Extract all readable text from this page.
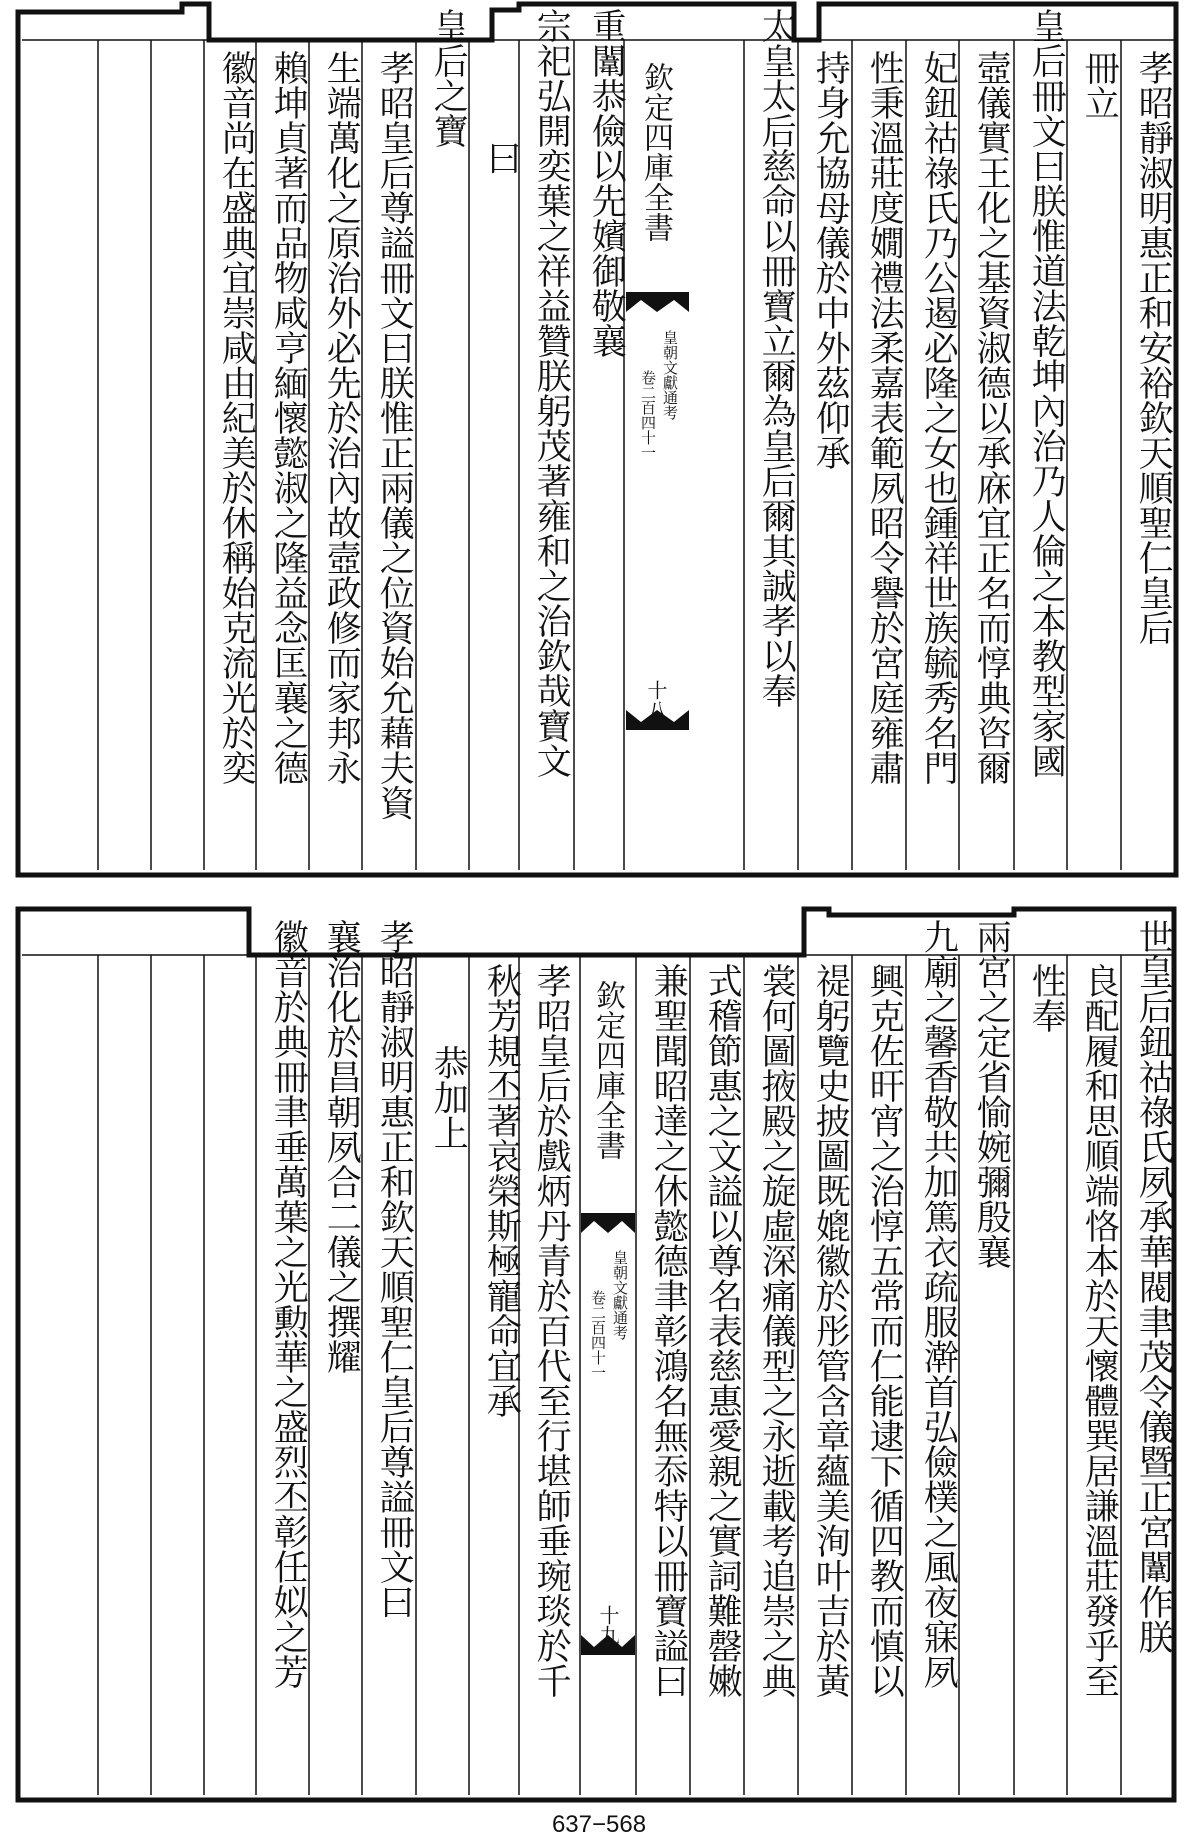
欽定四庫全書
皇朝文獻通考
卷二百四十一
十八
孝昭靜淑明惠正和安裕欽天順聖仁皇后
冊立
皇后冊文曰朕惟道法乾坤內治乃人倫之本教型家國
壼儀實王化之基資淑德以承庥宜正名而惇典咨爾
妃鈕祜祿氏乃公遏必隆之女也鍾祥世族毓秀名門
性秉溫莊度嫺禮法柔嘉表範夙昭令譽於宮庭雍肅
持身允協母儀於中外茲仰承
太皇太后慈命以冊寶立爾為皇后爾其誠孝以奉
重闈恭儉以先嬪御敬襄
宗祀弘開奕葉之祥益贊朕躬茂著雍和之治欽哉寶文
曰
皇后之寶
孝昭皇后尊謚冊文曰朕惟正兩儀之位資始允藉夫資
生端萬化之原治外必先於治內故壼政修而家邦永
賴坤貞著而品物咸亨緬懷懿淑之隆益念匡襄之德
徽音尚在盛典宜崇咸由紀美於休稱始克流光於奕
欽定四庫全書
皇朝文獻通考
卷二百四十一
十九	世皇后鈕祜祿氏夙承華閥聿茂令儀暨正宮闈作朕
良配履和思順端恪本於天懷體巽居謙溫莊發乎至
性奉
兩宮之定省愉婉彌殷襄
九廟之馨香敬共加篤衣疏服澣首弘儉樸之風夜寐夙
興克佐旰宵之治惇五常而仁能逮下循四教而慎以
禔躬覽史披圖既媲徽於彤管含章蘊美洵叶吉於黃
裳何圖掖殿之旋虛深痛儀型之永逝載考追崇之典
式稽節惠之文謚以尊名表慈惠愛親之實詞難罄嫩
兼聖聞昭達之休懿德聿彰鴻名無忝特以冊寶謚曰
孝昭皇后於戲炳丹青於百代至行堪師垂琬琰於千
秋芳規丕著哀榮斯極寵命宜承
恭加上
孝昭靜淑明惠正和欽天順聖仁皇后尊謚冊文曰
襄治化於昌朝夙合二儀之撰耀
徽音於典冊聿垂萬葉之光勲華之盛烈丕彰任姒之芳
637−568
